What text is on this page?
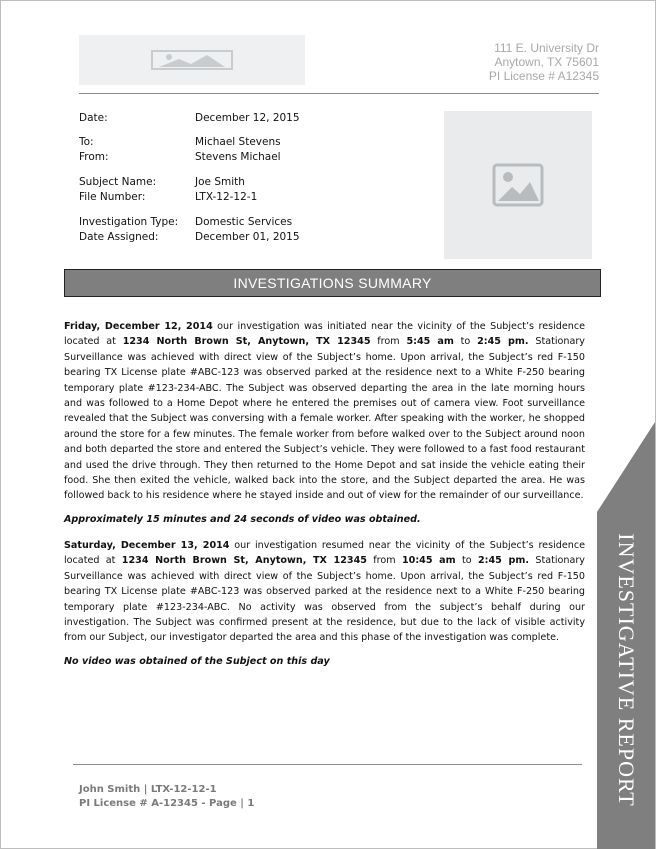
111 E. University Dr
Anytown, TX 75601
PI License # A12345
Date:	December 12, 2015
To:	Michael Stevens
From:	Stevens Michael
Subject Name:	Joe Smith
File Number:	LTX-12-12-1
Investigation Type: Domestic Services
Date Assigned:	December 01, 2015
INVESTIGATIONS SUMMARY
Friday, December 12, 2014 our investigation was initiated near the vicinity of the Subject’s residence located at 1234 North Brown St, Anytown, TX 12345 from 5:45 am to 2:45 pm. Stationary Surveillance was achieved with direct view of the Subject’s home. Upon arrival, the Subject’s red F-150 bearing TX License plate #ABC-123 was observed parked at the residence next to a White F-250 bearing temporary plate #123-234-ABC. The Subject was observed departing the area in the late morning hours and was followed to a Home Depot where he entered the premises out of camera view. Foot surveillance revealed that the Subject was conversing with a female worker. After speaking with the worker, he shopped around the store for a few minutes. The female worker from before walked over to the Subject around noon and both departed the store and entered the Subject’s vehicle. They were followed to a fast food restaurant and used the drive through. They then returned to the Home Depot and sat inside the vehicle eating their food. She then exited the vehicle, walked back into the store, and the Subject departed the area. He was followed back to his residence where he stayed inside and out of view for the remainder of our surveillance.
Approximately 15 minutes and 24 seconds of video was obtained.
Saturday, December 13, 2014 our investigation resumed near the vicinity of the Subject’s residence located at 1234 North Brown St, Anytown, TX 12345 from 10:45 am to 2:45 pm. Stationary Surveillance was achieved with direct view of the Subject’s home. Upon arrival, the Subject’s red F-150 bearing TX License plate #ABC-123 was observed parked at the residence next to a White F-250 bearing temporary plate #123-234-ABC. No activity was observed from the subject’s behalf during our investigation. The Subject was confirmed present at the residence, but due to the lack of visible activity from our Subject, our investigator departed the area and this phase of the investigation was complete.
No video was obtained of the Subject on this day
John Smith | LTX-12-12-1
PI License # A-12345 - Page | 1	INVESTIGATIVE REPORT
